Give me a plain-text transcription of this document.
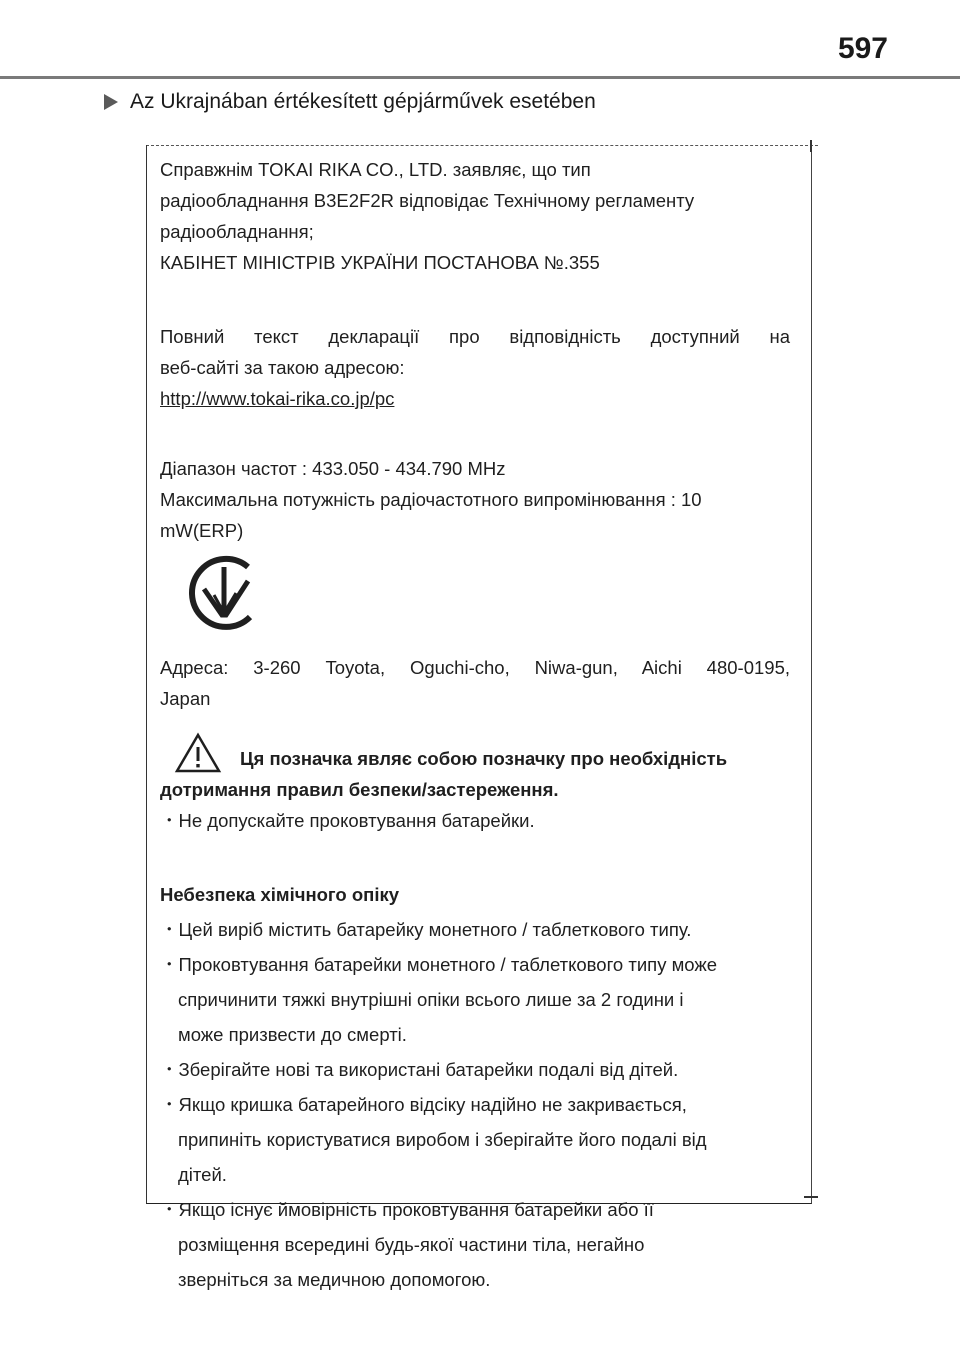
597
Az Ukrajnában értékesített gépjárművek esetében

Справжнім TOKAI RIKA CO., LTD. заявляє, що тип

радіообладнання B3E2F2R відповідає Технічному регламенту

радіообладнання;

КАБІНЕТ МІНІСТРІВ УКРАЇНИ ПОСТАНОВА №.355

Повний текст декларації про відповідність доступний на

веб-сайті за такою адресою:

http://www.tokai-rika.co.jp/pc

Діапазон частот : 433.050 - 434.790 MHz

Максимальна потужність радіочастотного випромінювання : 10

mW(ERP)

Адреса: 3-260 Toyota, Oguchi-cho, Niwa-gun, Aichi 480-0195,

Japan

Ця позначка являє собою позначку про необхідність

дотримання правил безпеки/застереження.

・Не допускайте проковтування батарейки.

Небезпека хімічного опіку

・Цей виріб містить батарейку монетного / таблеткового типу.

・Проковтування батарейки монетного / таблеткового типу може

спричинити тяжкі внутрішні опіки всього лише за 2 години і

може призвести до смерті.

・Зберігайте нові та використані батарейки подалі від дітей.

・Якщо кришка батарейного відсіку надійно не закривається,

припиніть користуватися виробом і зберігайте його подалі від

дітей.

・Якщо існує ймовірність проковтування батарейки або її

розміщення всередині будь-якої частини тіла, негайно

зверніться за медичною допомогою.
